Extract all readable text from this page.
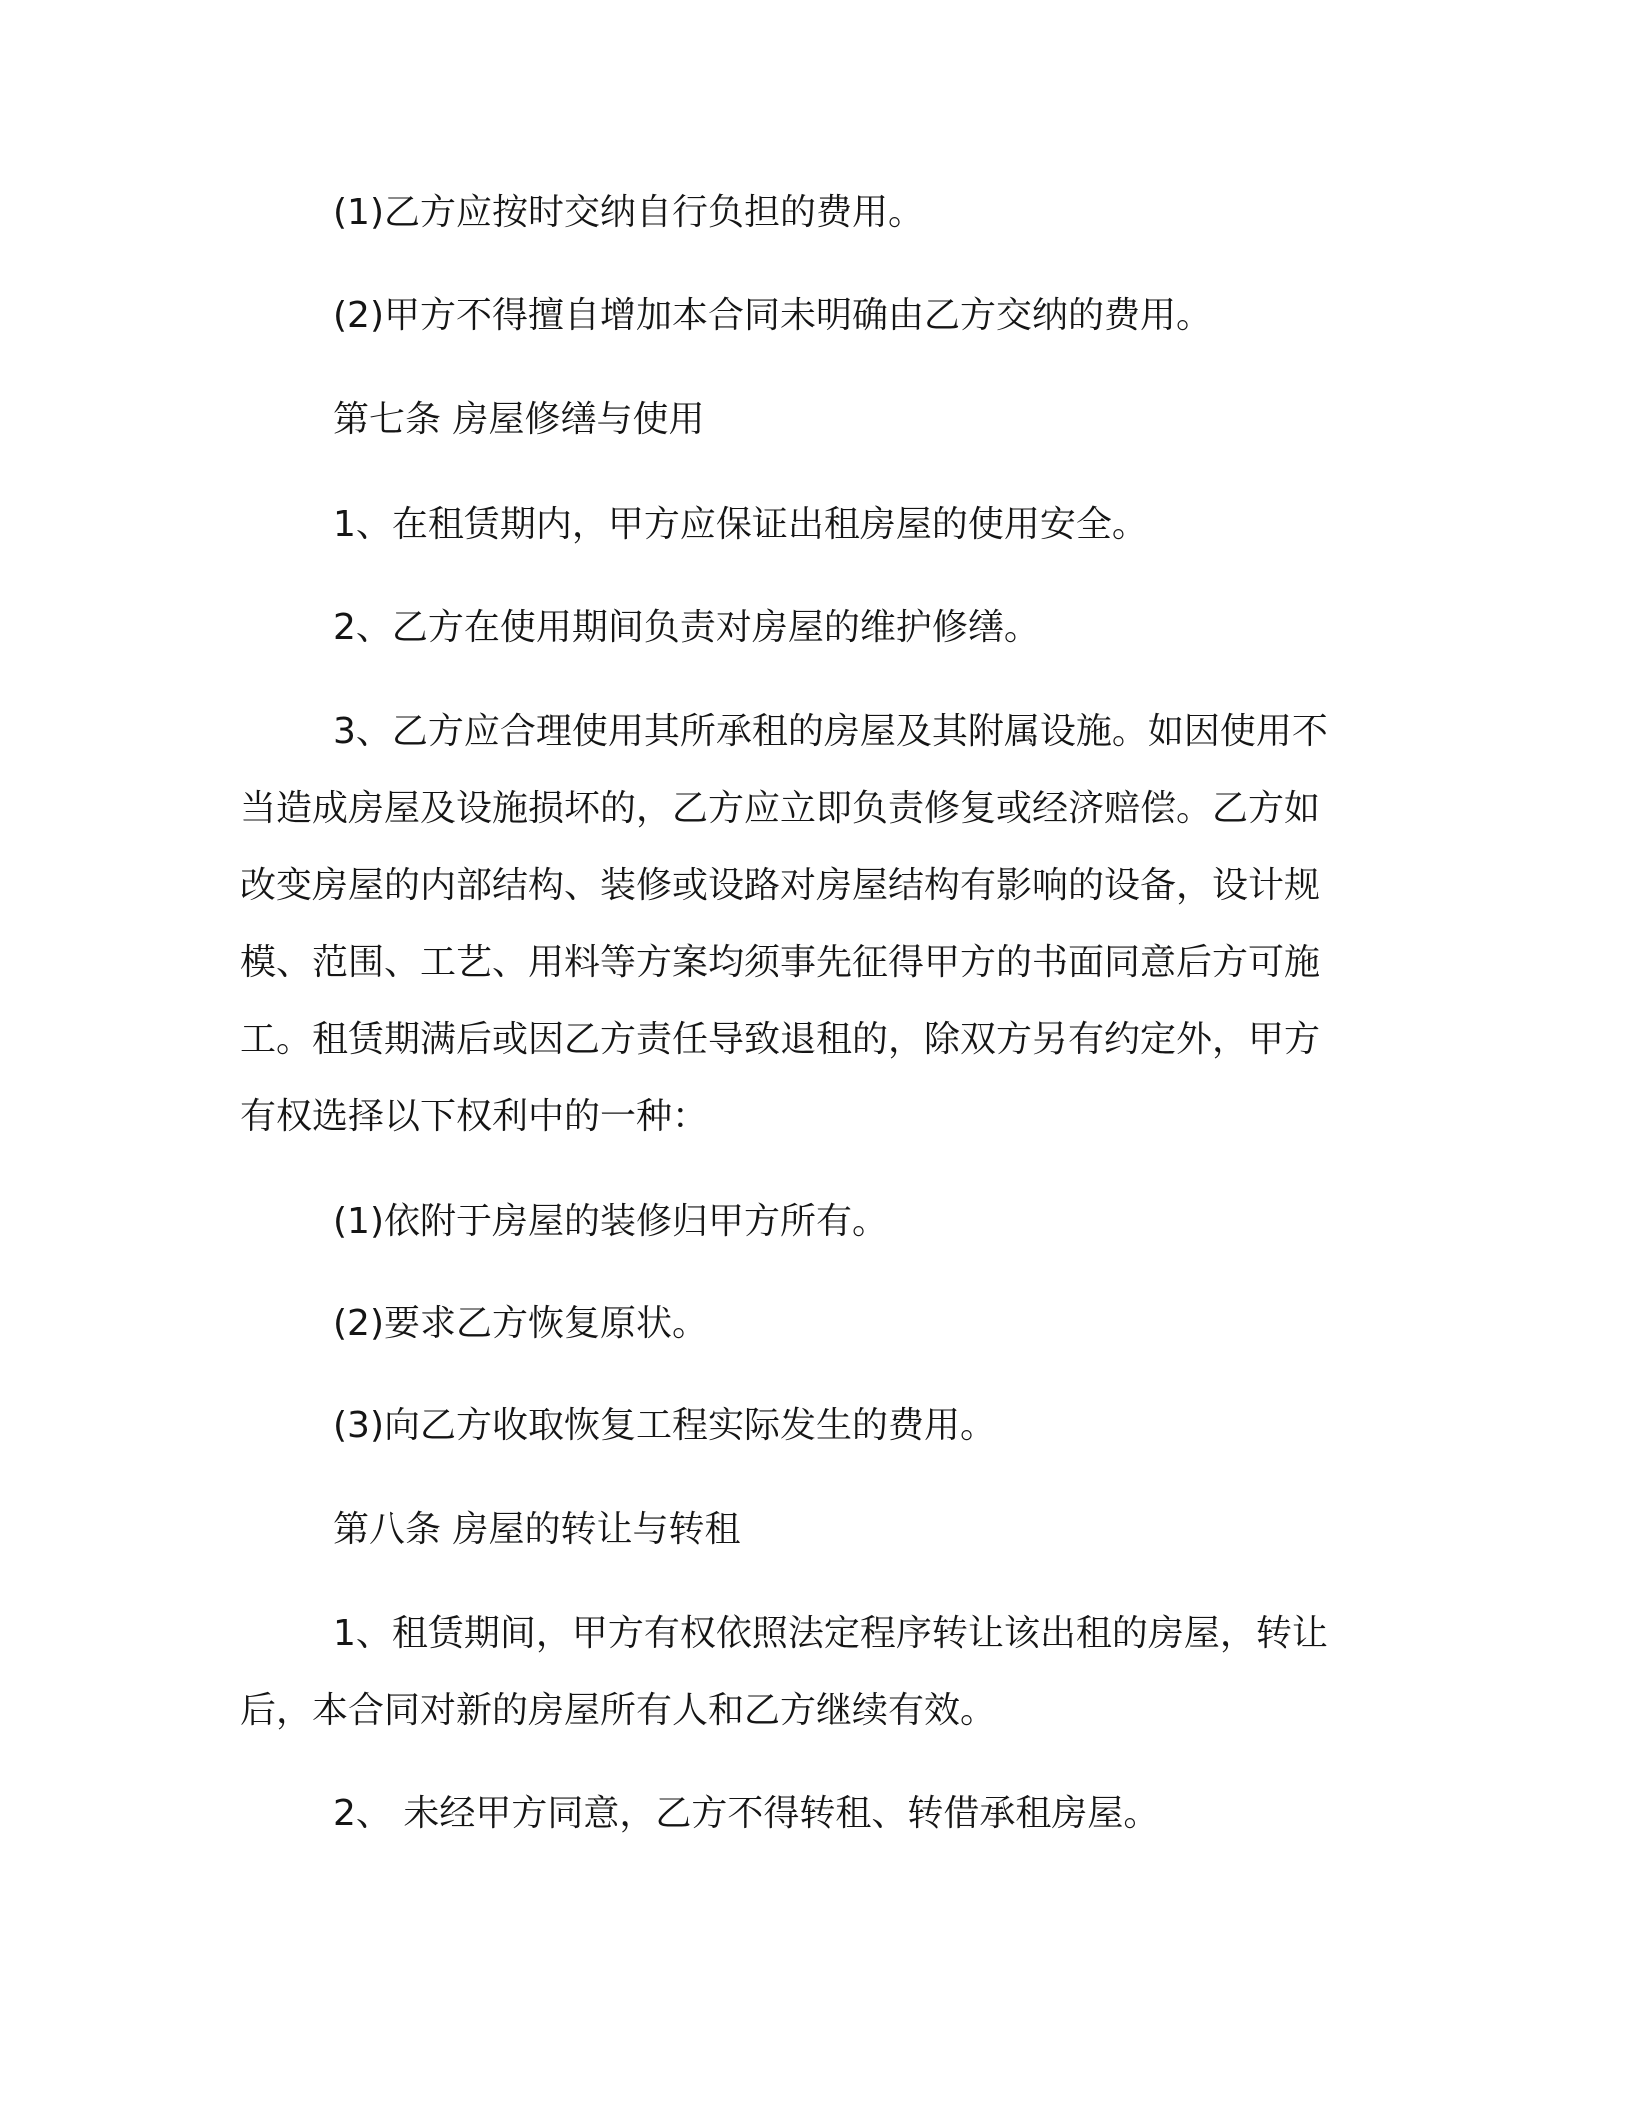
(1)乙方应按时交纳自行负担的费用。

(2)甲方不得擅自增加本合同未明确由乙方交纳的费用。

第七条 房屋修缮与使用

1、在租赁期内，甲方应保证出租房屋的使用安全。

2、乙方在使用期间负责对房屋的维护修缮。

3、乙方应合理使用其所承租的房屋及其附属设施。如因使用不

当造成房屋及设施损坏的，乙方应立即负责修复或经济赔偿。乙方如

改变房屋的内部结构、装修或设路对房屋结构有影响的设备，设计规

模、范围、工艺、用料等方案均须事先征得甲方的书面同意后方可施

工。租赁期满后或因乙方责任导致退租的，除双方另有约定外，甲方

有权选择以下权利中的一种：

(1)依附于房屋的装修归甲方所有。

(2)要求乙方恢复原状。

(3)向乙方收取恢复工程实际发生的费用。

第八条 房屋的转让与转租

1、租赁期间，甲方有权依照法定程序转让该出租的房屋，转让

后，本合同对新的房屋所有人和乙方继续有效。

2、 未经甲方同意，乙方不得转租、转借承租房屋。
